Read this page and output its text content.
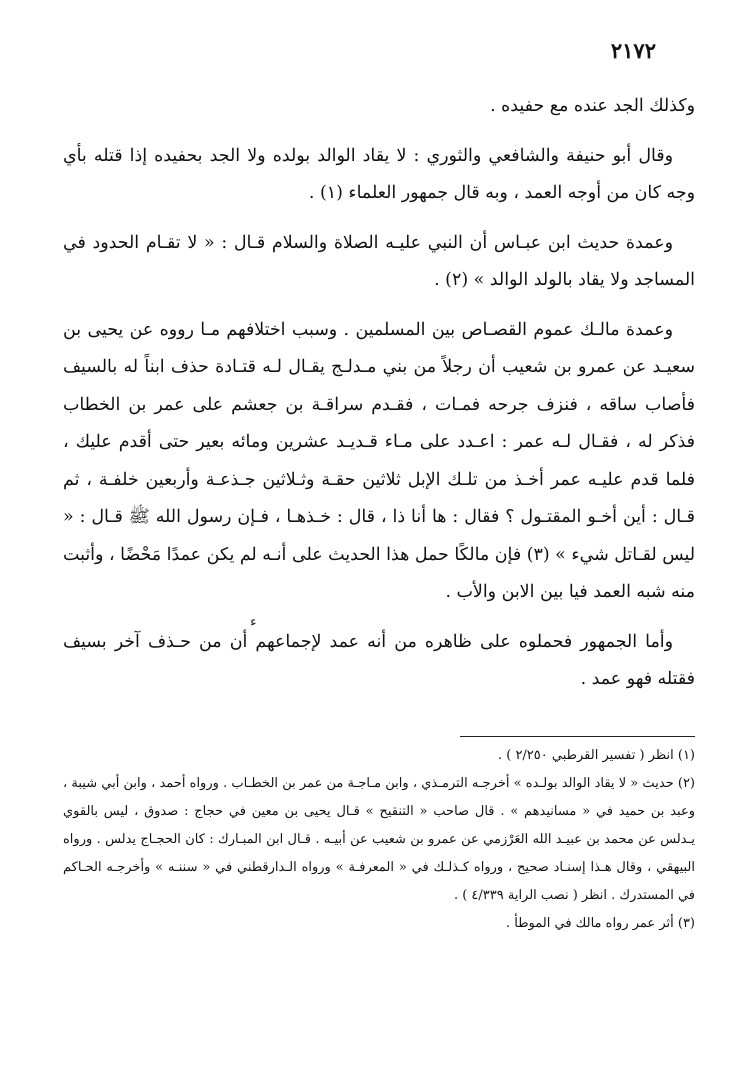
٢١٧٢

وكذلك الجد عنده مع حفيده .

وقال أبو حنيفة والشافعي والثوري : لا يقاد الوالد بولده ولا الجد بحفيده إذا قتله بأي وجه كان من أوجه العمد ، وبه قال جمهور العلماء (١) .

وعمدة حديث ابن عبـاس أن النبي عليـه الصلاة والسلام قـال : « لا تقـام الحدود في المساجد ولا يقاد بالولد الوالد » (٢) .

وعمدة مالـك عموم القصـاص بين المسلمين . وسبب اختلافهم مـا رووه عن يحيى بن سعيـد عن عمرو بن شعيب أن رجلاً من بني مـدلـج يقـال لـه قتـادة حذف ابناً له بالسيف فأصاب ساقه ، فنزف جرحه فمـات ، فقـدم سراقـة بن جعشم على عمر بن الخطاب فذكر له ، فقـال لـه عمر : اعـدد على مـاء قـديـد عشرين ومائه بعير حتى أقدم عليك ، فلما قدم عليـه عمر أخـذ من تلـك الإبل ثلاثين حقـة وثـلاثين جـذعـة وأربعين خلفـة ، ثم قـال : أين أخـو المقتـول ؟ فقال : ها أنا ذا ، قال : خـذهـا ، فـإن رسول الله ﷺ قـال : « ليس لقـاتل شيء » (٣) فإن مالكًا حمل هذا الحديث على أنـه لم يكن عمدًا مَحْضًا ، وأثبت منه شبه العمد فيا بين الابن والأب .

وأما الجمهور فحملوه على ظاهره من أنه عمد لإجماعهم أن من حـذف آخر بسيف فقتله فهو عمد .

ء

(١) انظر ( تفسير القرطبي ٢/٢٥٠ ) .

(٢) حديث « لا يقاد الوالد بولـده » أخرجـه الترمـذي ، وابن مـاجـة من عمر بن الخطـاب . ورواه أحمد ، وابن أبي شيبة ، وعبد بن حميد في « مسانيدهم » . قال صاحب « التنقيح » قـال يحيى بن معين في حجاج : صدوق ، ليس بالقوي يـدلس عن محمد بن عبيـد الله العَرْزمي عن عمرو بن شعيب عن أبيـه . قـال ابن المبـارك : كان الحجـاج يدلس . ورواه البيهقي ، وقال هـذا إسنـاد صحيح ، ورواه كـذلـك في « المعرفـة » ورواه الـدارقطني في « سننـه » وأخرجـه الحـاكم في المستدرك . انظر ( نصب الراية ٤/٣٣٩ ) .

(٣) أثر عمر رواه مالك في الموطأ .
